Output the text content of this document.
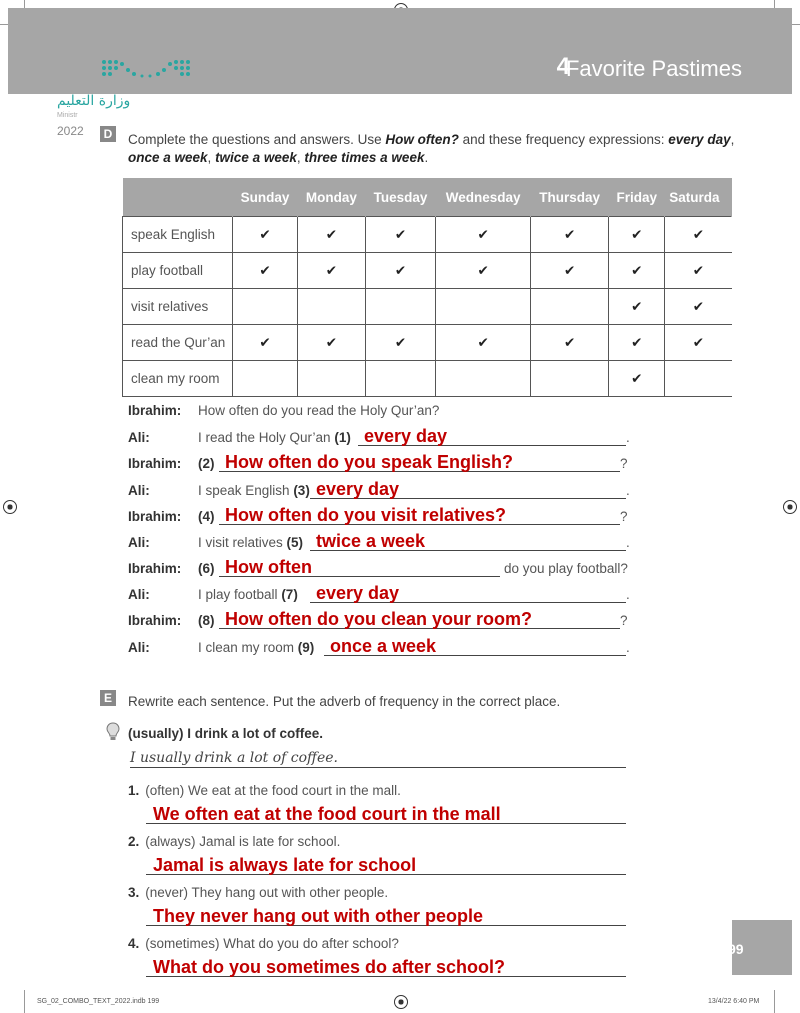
4
Favorite Pastimes
وزارة التعليم
Ministr
2022	D Complete the questions and answers. Use How often? and these frequency expressions: every day,
once a week, twice a week, three times a week.
	Sunday	Monday	Tuesday	Wednesday	Thursday	Friday	Saturda
speak English	✔	✔	✔	✔	✔	✔	✔
play football	✔	✔	✔	✔	✔	✔	✔
visit relatives						✔	✔
read the Qur’an	✔	✔	✔	✔	✔	✔	✔
clean my room						✔	
Ibrahim: How often do you read the Holy Qur’an?
Ali:	I read the Holy Qur’an (1)
Ibrahim: (2)
Ali:	I speak English (3)
Ibrahim: (4)
Ali:	I visit relatives (5)
Ibrahim: (6)
Ali:	I play football (7)
Ibrahim: (8)
Ali:	I clean my room (9)
E Rewrite each sentence. Put the adverb of frequency in the correct place.
(usually) I drink a lot of coffee.
I usually drink a lot of coffee.
1. (often) We eat at the food court in the mall.
We often eat at the food court in the mall
2. (always) Jamal is late for school.
Jamal is always late for school
3. (never) They hang out with other people.
They never hang out with other people
4. (sometimes) What do you do after school?
What do you sometimes do after school?
99
SG_02_COMBO_TEXT_2022.indb 199	13/4/22 6:40 PM
every day	.
How often do you speak English?	?
every day	.
How often do you visit relatives?	?
twice a week	.
How often	do you play football?
every day	.
How often do you clean your room?	?
once a week	.
